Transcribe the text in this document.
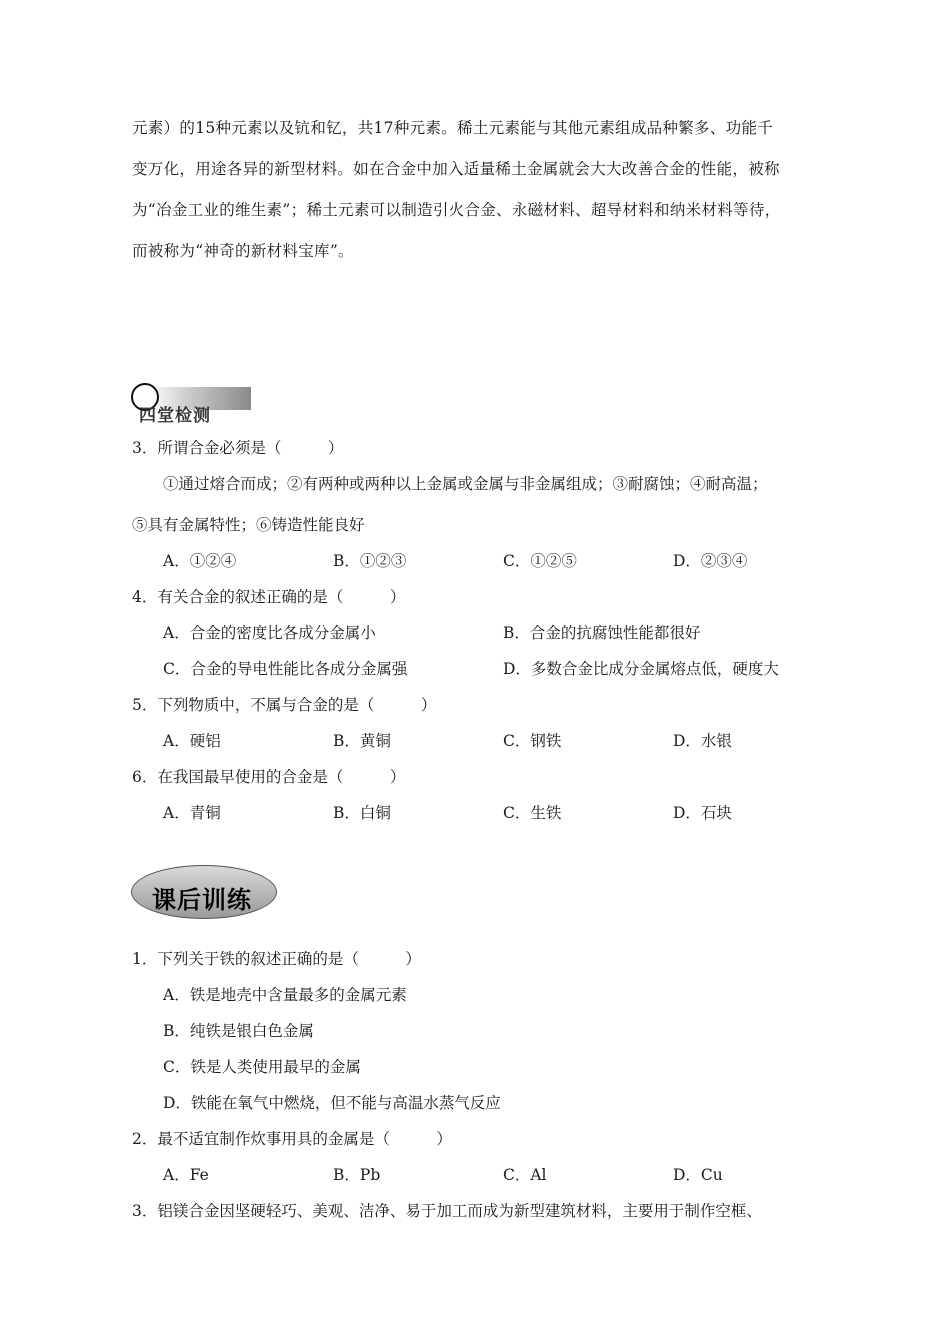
元素）的15种元素以及钪和钇，共17种元素。稀土元素能与其他元素组成品种繁多、功能千
变万化，用途各异的新型材料。如在合金中加入适量稀土金属就会大大改善合金的性能，被称
为“冶金工业的维生素”；稀土元素可以制造引火合金、永磁材料、超导材料和纳米材料等待，
而被称为“神奇的新材料宝库”。
四堂检测
3．所谓合金必须是（　　　）
①通过熔合而成；②有两种或两种以上金属或金属与非金属组成；③耐腐蚀；④耐高温；
⑤具有金属特性；⑥铸造性能良好
A．①②④	B．①②③	C．①②⑤	D．②③④
4．有关合金的叙述正确的是（　　　）
A．合金的密度比各成分金属小	B．合金的抗腐蚀性能都很好
C．合金的导电性能比各成分金属强	D．多数合金比成分金属熔点低，硬度大
5．下列物质中，不属与合金的是（　　　）
A．硬铝	B．黄铜	C．钢铁	D．水银
6．在我国最早使用的合金是（　　　）
A．青铜	B．白铜	C．生铁	D．石块
课后训练
1．下列关于铁的叙述正确的是（　　　）
A．铁是地壳中含量最多的金属元素
B．纯铁是银白色金属
C．铁是人类使用最早的金属
D．铁能在氧气中燃烧，但不能与高温水蒸气反应
2．最不适宜制作炊事用具的金属是（　　　）
A．Fe	B．Pb	C．Al	D．Cu
3．铝镁合金因坚硬轻巧、美观、洁净、易于加工而成为新型建筑材料，主要用于制作空框、
